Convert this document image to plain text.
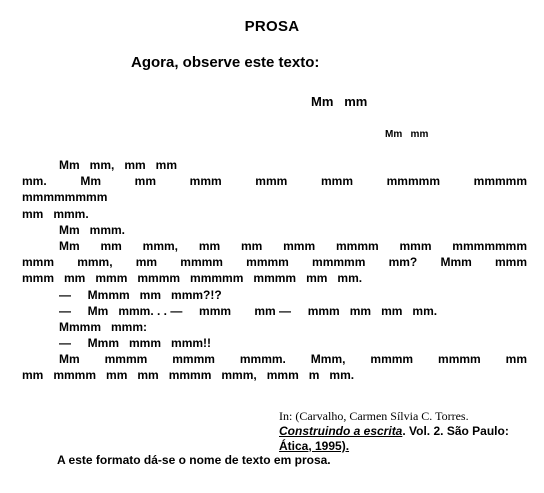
PROSA
Agora, observe este texto:
Mm   mm
Mm   mm
Mm   mm,   mm   mm
mm. Mm mm mmm mmm mmm mmmmm mmmmm
mmmmmmmm
mm   mmm.
Mm   mmm.
Mm mm mmm, mm mm mmm mmmm mmm mmmmmmm
mmm mmm, mm mmmm mmmm mmmmm mm? Mmm mmm
mmm   mm   mmm   mmmm   mmmmm   mmmm   mm   mm.
—     Mmmm   mm   mmm?!?
—     Mm   mmm. . . —     mmm       mm —     mmm   mm   mm   mm.
Mmmm   mmm:
—     Mmm   mmm   mmm!!
Mm mmmm mmmm mmmm. Mmm, mmmm mmmm mm
mm   mmmm   mm   mm   mmmm   mmm,   mmm   m   mm.
In: (Carvalho, Carmen Sílvia C. Torres.
Construindo a escrita. Vol. 2. São Paulo:
Ática, 1995).
A este formato dá-se o nome de texto em prosa.
